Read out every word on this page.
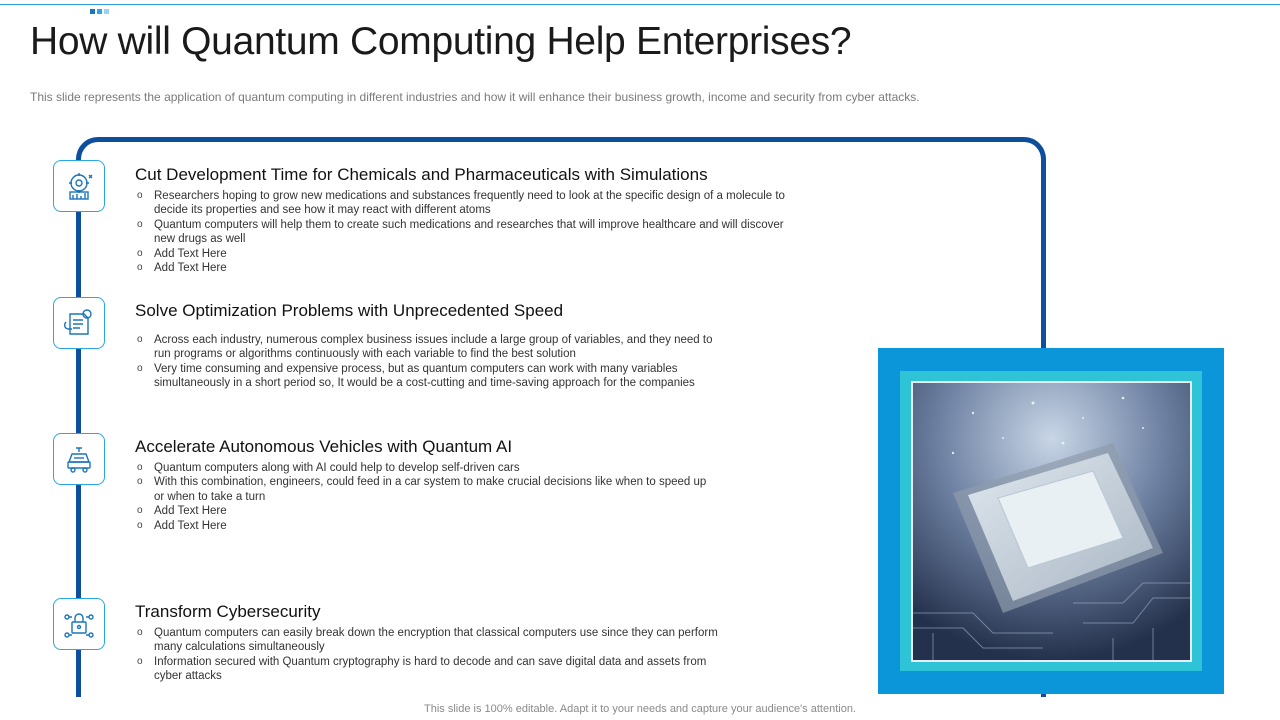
How will Quantum Computing Help Enterprises?
This slide represents the application of quantum computing in different industries and how it will enhance their business growth, income and security from cyber attacks.
Cut Development Time for Chemicals and Pharmaceuticals with Simulations
o Researchers hoping to grow new medications and substances frequently need to look at the specific design of a molecule to decide its properties and see how it may react with different atoms
o Quantum computers will help them to create such medications and researches that will improve healthcare and will discover new drugs as well
o Add Text Here
o Add Text Here
Solve Optimization Problems with Unprecedented Speed
o Across each industry, numerous complex business issues include a large group of variables, and they need to run programs or algorithms continuously with each variable to find the best solution
o Very time consuming and expensive process, but as quantum computers can work with many variables simultaneously in a short period so, It would be a cost-cutting and time-saving approach for the companies
Accelerate Autonomous Vehicles with Quantum AI
o Quantum computers along with AI could help to develop self-driven cars
o With this combination, engineers, could feed in a car system to make crucial decisions like when to speed up or when to take a turn
o Add Text Here
o Add Text Here
Transform Cybersecurity
o Quantum computers can easily break down the encryption that classical computers use since they can perform many calculations simultaneously
o Information secured with Quantum cryptography is hard to decode and can save digital data and assets from cyber attacks
This slide is 100% editable. Adapt it to your needs and capture your audience's attention.
